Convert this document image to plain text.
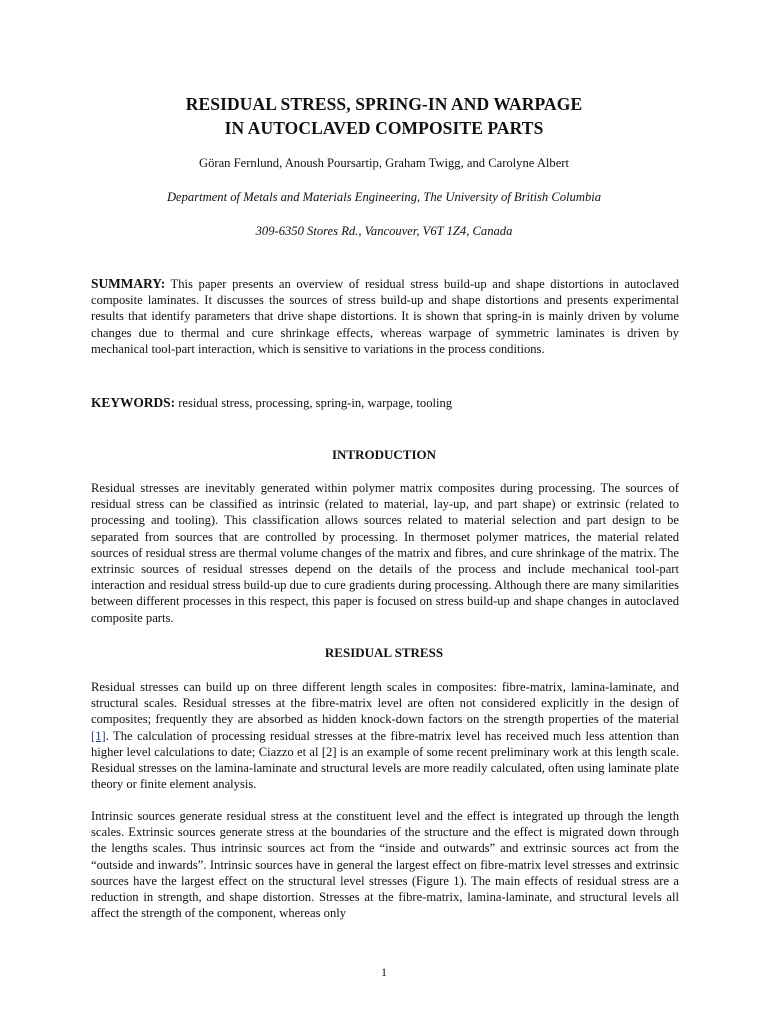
RESIDUAL STRESS, SPRING-IN AND WARPAGE
IN AUTOCLAVED COMPOSITE PARTS
Göran Fernlund, Anoush Poursartip, Graham Twigg, and Carolyne Albert
Department of Metals and Materials Engineering, The University of British Columbia
309-6350 Stores Rd., Vancouver, V6T 1Z4, Canada
SUMMARY: This paper presents an overview of residual stress build-up and shape distortions in autoclaved composite laminates. It discusses the sources of stress build-up and shape distortions and presents experimental results that identify parameters that drive shape distortions. It is shown that spring-in is mainly driven by volume changes due to thermal and cure shrinkage effects, whereas warpage of symmetric laminates is driven by mechanical tool-part interaction, which is sensitive to variations in the process conditions.
KEYWORDS: residual stress, processing, spring-in, warpage, tooling
INTRODUCTION
Residual stresses are inevitably generated within polymer matrix composites during processing. The sources of residual stress can be classified as intrinsic (related to material, lay-up, and part shape) or extrinsic (related to processing and tooling). This classification allows sources related to material selection and part design to be separated from sources that are controlled by processing. In thermoset polymer matrices, the material related sources of residual stress are thermal volume changes of the matrix and fibres, and cure shrinkage of the matrix. The extrinsic sources of residual stresses depend on the details of the process and include mechanical tool-part interaction and residual stress build-up due to cure gradients during processing. Although there are many similarities between different processes in this respect, this paper is focused on stress build-up and shape changes in autoclaved composite parts.
RESIDUAL STRESS
Residual stresses can build up on three different length scales in composites: fibre-matrix, lamina-laminate, and structural scales. Residual stresses at the fibre-matrix level are often not considered explicitly in the design of composites; frequently they are absorbed as hidden knock-down factors on the strength properties of the material [1]. The calculation of processing residual stresses at the fibre-matrix level has received much less attention than higher level calculations to date; Ciazzo et al [2] is an example of some recent preliminary work at this length scale. Residual stresses on the lamina-laminate and structural levels are more readily calculated, often using laminate plate theory or finite element analysis.
Intrinsic sources generate residual stress at the constituent level and the effect is integrated up through the length scales. Extrinsic sources generate stress at the boundaries of the structure and the effect is migrated down through the lengths scales. Thus intrinsic sources act from the “inside and outwards” and extrinsic sources act from the “outside and inwards”. Intrinsic sources have in general the largest effect on fibre-matrix level stresses and extrinsic sources have the largest effect on the structural level stresses (Figure 1). The main effects of residual stress are a reduction in strength, and shape distortion. Stresses at the fibre-matrix, lamina-laminate, and structural levels all affect the strength of the component, whereas only
1
